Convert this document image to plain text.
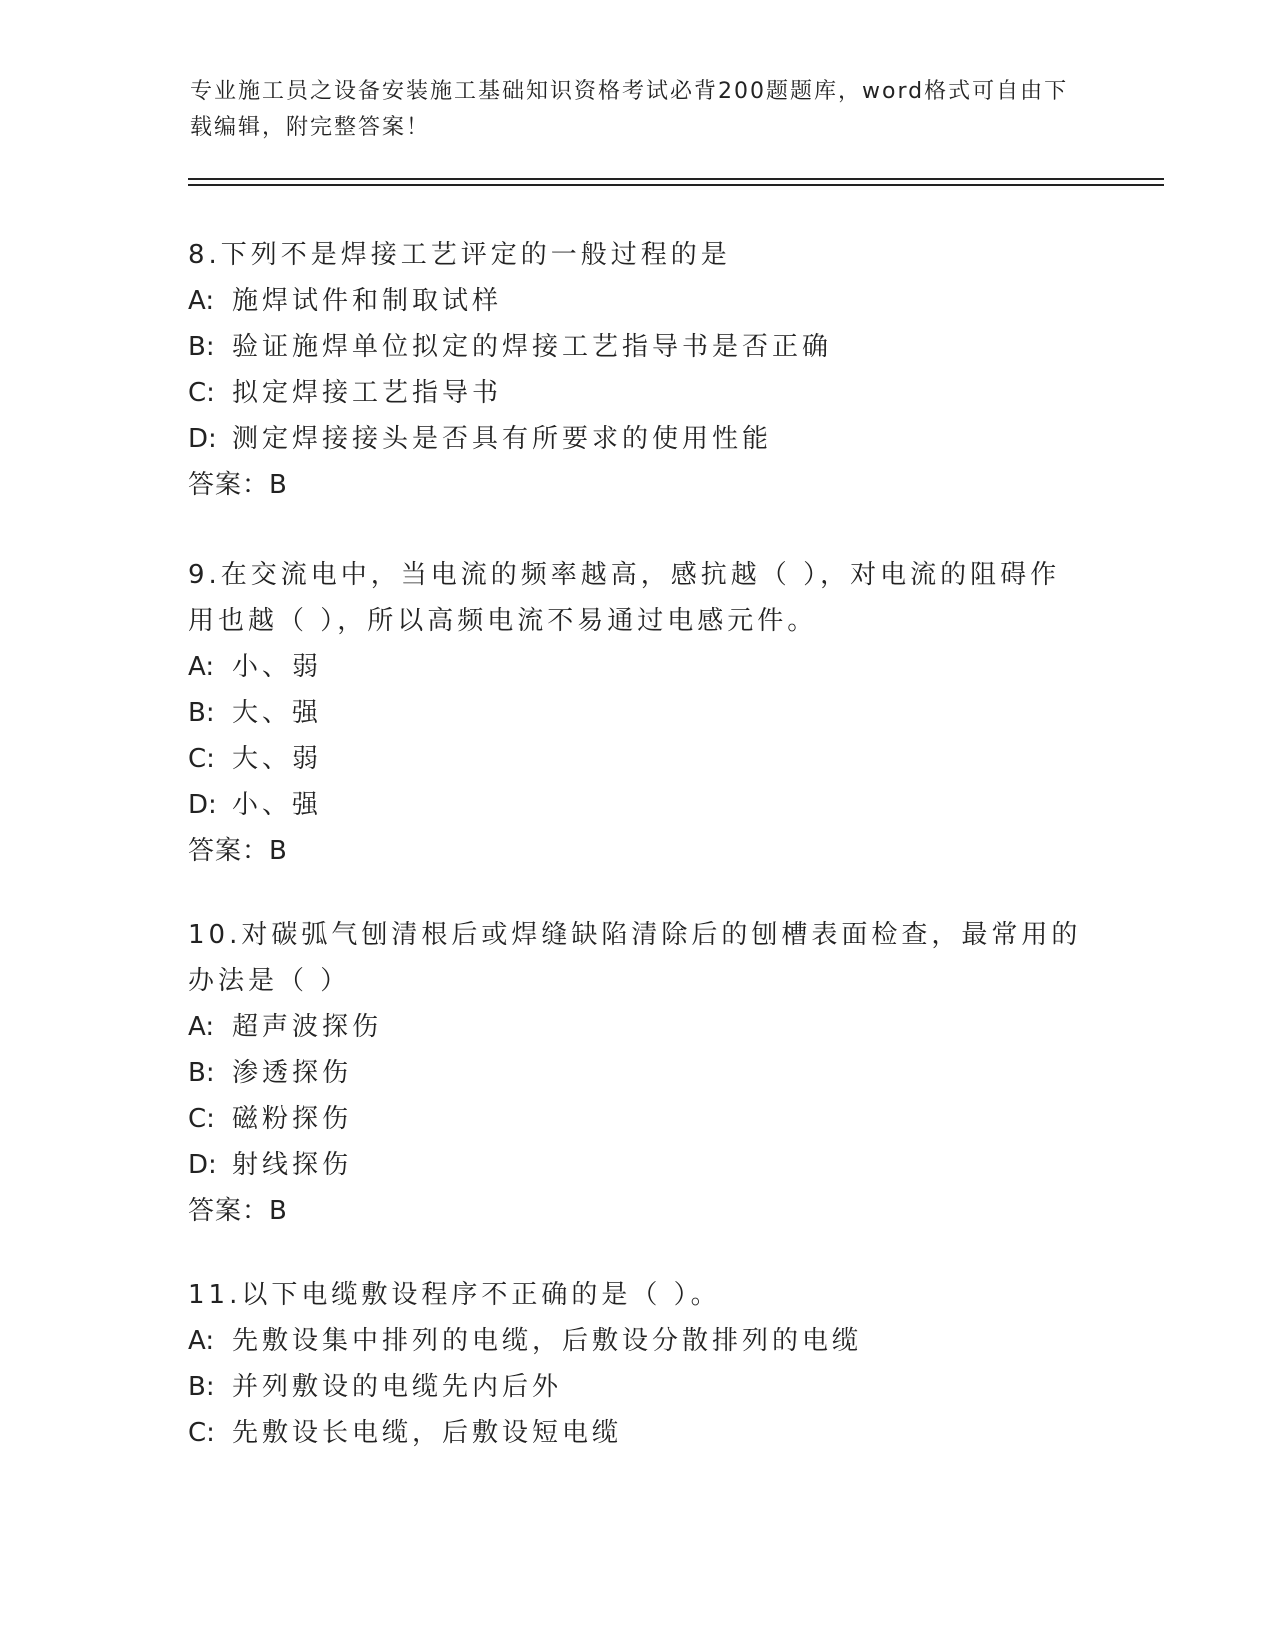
专业施工员之设备安装施工基础知识资格考试必背200题题库，word格式可自由下载编辑，附完整答案！

8.下列不是焊接工艺评定的一般过程的是

A: 施焊试件和制取试样

B: 验证施焊单位拟定的焊接工艺指导书是否正确

C: 拟定焊接工艺指导书

D: 测定焊接接头是否具有所要求的使用性能

答案：B

9.在交流电中，当电流的频率越高，感抗越（ ），对电流的阻碍作用也越（ ），所以高频电流不易通过电感元件。

A: 小、弱

B: 大、强

C: 大、弱

D: 小、强

答案：B

10.对碳弧气刨清根后或焊缝缺陷清除后的刨槽表面检查，最常用的办法是（ ）

A: 超声波探伤

B: 渗透探伤

C: 磁粉探伤

D: 射线探伤

答案：B

11.以下电缆敷设程序不正确的是（ ）。

A: 先敷设集中排列的电缆，后敷设分散排列的电缆

B: 并列敷设的电缆先内后外

C: 先敷设长电缆，后敷设短电缆
